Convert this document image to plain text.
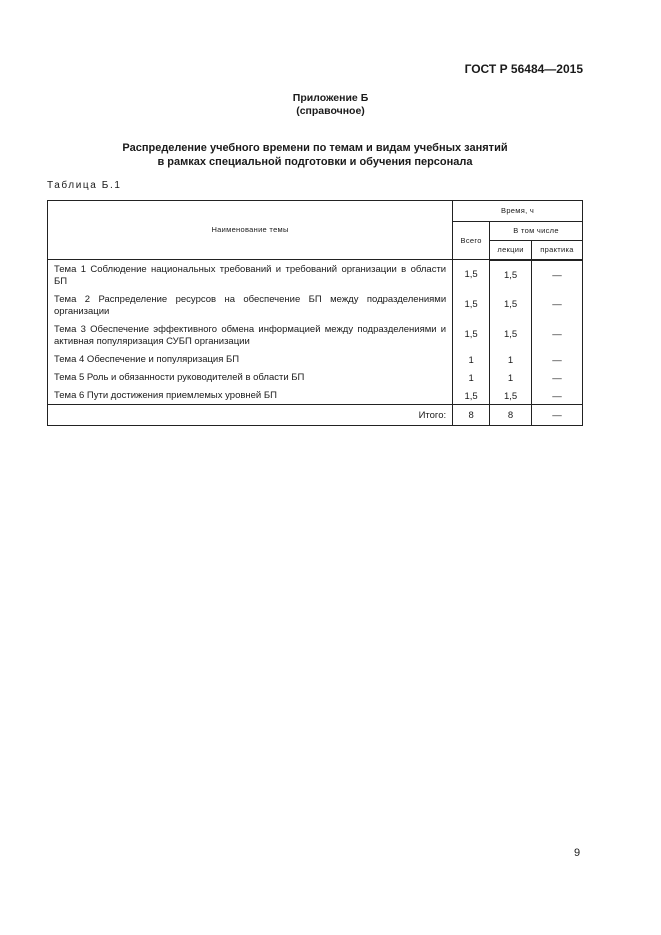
ГОСТ Р 56484—2015
Приложение Б
(справочное)
Распределение учебного времени по темам и видам учебных занятий
в рамках специальной подготовки и обучения персонала
Таблица Б.1
Наименование темы	Время, ч		
	Всего	В том числе	
		лекции	практика
Тема 1 Соблюдение национальных требований и требований организации в области БП	1,5	1,5	—
Тема 2 Распределение ресурсов на обеспечение БП между подразделениями организации	1,5	1,5	—
Тема 3 Обеспечение эффективного обмена информацией между подразделениями и активная популяризация СУБП организации	1,5	1,5	—
Тема 4 Обеспечение и популяризация БП	1	1	—
Тема 5 Роль и обязанности руководителей в области БП	1	1	—
Тема 6 Пути достижения приемлемых уровней БП	1,5	1,5	—
Итого:	8	8	—
9
